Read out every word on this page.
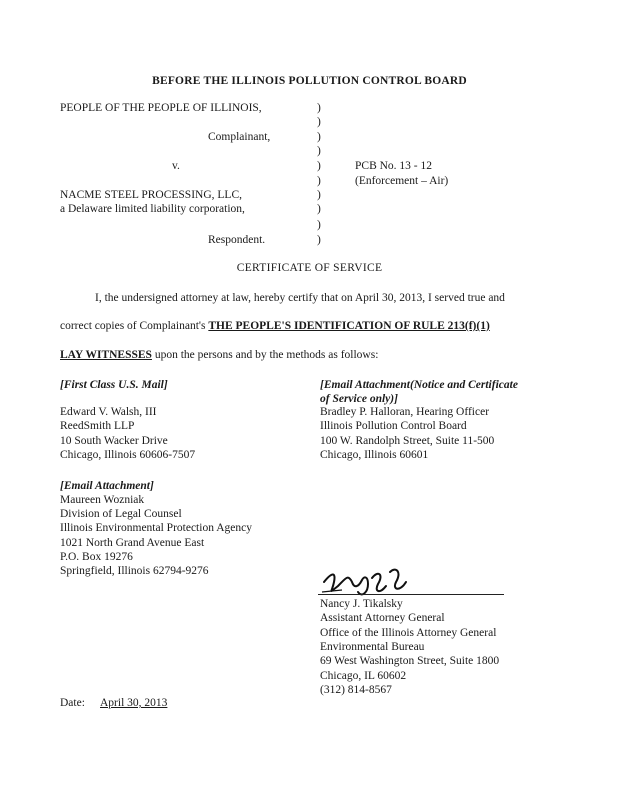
BEFORE THE ILLINOIS POLLUTION CONTROL BOARD
PEOPLE OF THE PEOPLE OF ILLINOIS,
Complainant,
v.
NACME STEEL PROCESSING, LLC,
a Delaware limited liability corporation,
Respondent.
)
)
)
)
)
)
)
)
)
)
PCB No. 13 - 12
(Enforcement – Air)
CERTIFICATE OF SERVICE
I, the undersigned attorney at law, hereby certify that on April 30, 2013, I served true and
correct copies of Complainant's THE PEOPLE'S IDENTIFICATION OF RULE 213(f)(1)
LAY WITNESSES upon the persons and by the methods as follows:
[First Class U.S. Mail]
Edward V. Walsh, III
ReedSmith LLP
10 South Wacker Drive
Chicago, Illinois 60606-7507
[Email Attachment(Notice and Certificate
of Service only)]
Bradley P. Halloran, Hearing Officer
Illinois Pollution Control Board
100 W. Randolph Street, Suite 11-500
Chicago, Illinois 60601
[Email Attachment]
Maureen Wozniak
Division of Legal Counsel
Illinois Environmental Protection Agency
1021 North Grand Avenue East
P.O. Box 19276
Springfield, Illinois 62794-9276
Nancy J. Tikalsky
Assistant Attorney General
Office of the Illinois Attorney General
Environmental Bureau
69 West Washington Street, Suite 1800
Chicago, IL 60602
(312) 814-8567
Date: April 30, 2013
